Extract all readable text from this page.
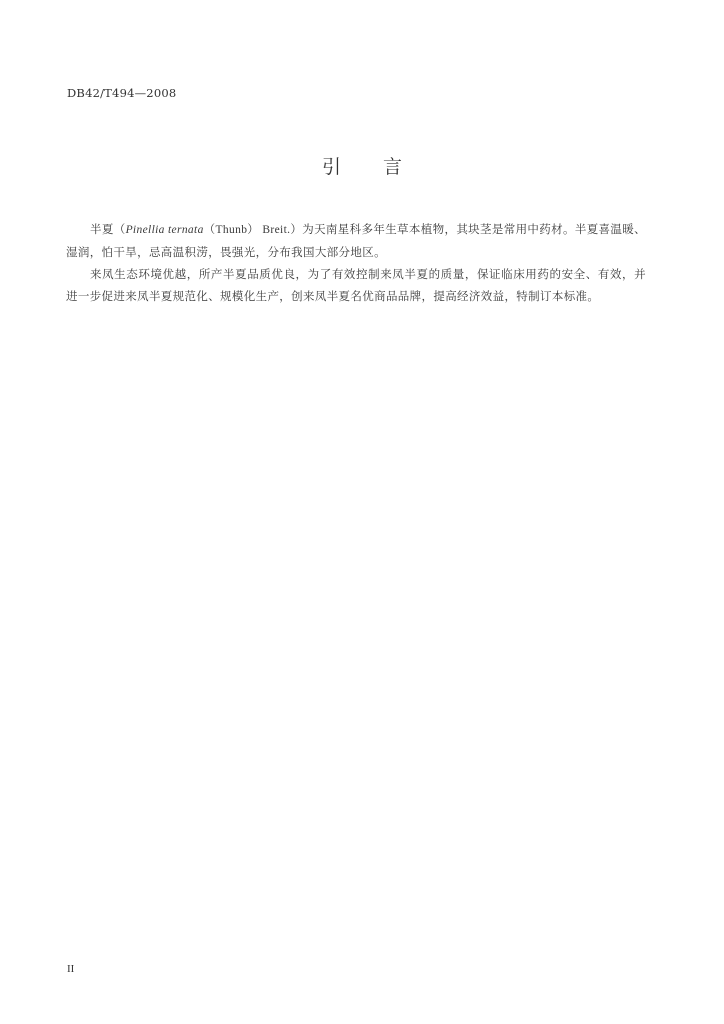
DB42/T494—2008
引 言

半夏（Pinellia ternata（Thunb） Breit.）为天南星科多年生草本植物，其块茎是常用中药材。半夏喜温暖、湿润，怕干旱，忌高温积涝，畏强光，分布我国大部分地区。

来凤生态环境优越，所产半夏品质优良，为了有效控制来凤半夏的质量，保证临床用药的安全、有效，并进一步促进来凤半夏规范化、规模化生产，创来凤半夏名优商品品牌，提高经济效益，特制订本标准。

II
